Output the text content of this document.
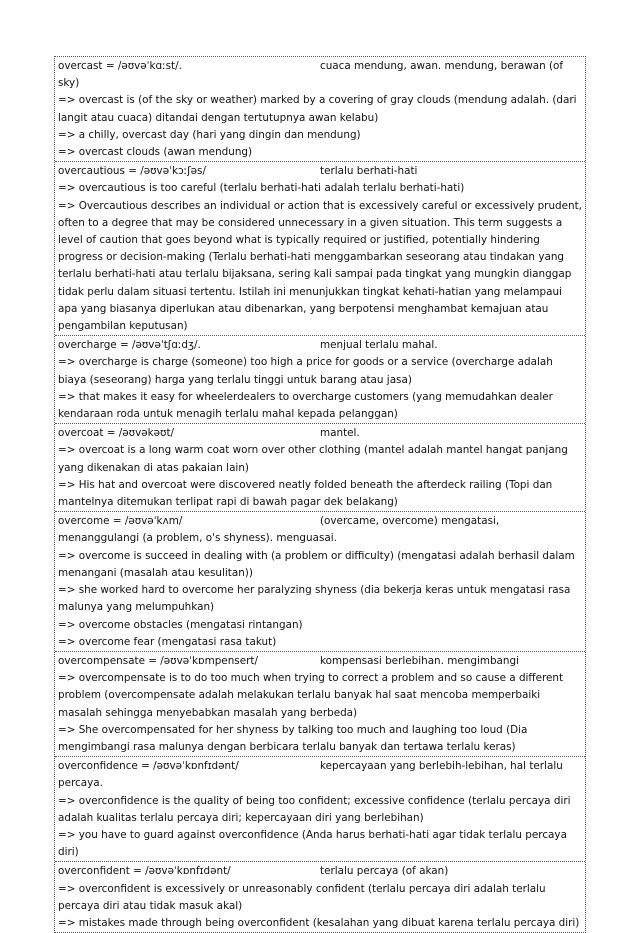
overcast = /əʊvəˈkɑːst/.	cuaca mendung, awan. mendung, berawan (of sky)
=> overcast is (of the sky or weather) marked by a covering of gray clouds (mendung adalah. (dari langit atau cuaca) ditandai dengan tertutupnya awan kelabu)
=> a chilly, overcast day (hari yang dingin dan mendung)
=> overcast clouds (awan mendung)
overcautious = /əʊvəˈkɔːʃəs/	terlalu berhati-hati
=> overcautious is too careful (terlalu berhati-hati adalah terlalu berhati-hati)
=> Overcautious describes an individual or action that is excessively careful or excessively prudent, often to a degree that may be considered unnecessary in a given situation. This term suggests a level of caution that goes beyond what is typically required or justified, potentially hindering progress or decision-making (Terlalu berhati-hati menggambarkan seseorang atau tindakan yang terlalu berhati-hati atau terlalu bijaksana, sering kali sampai pada tingkat yang mungkin dianggap tidak perlu dalam situasi tertentu. Istilah ini menunjukkan tingkat kehati-hatian yang melampaui apa yang biasanya diperlukan atau dibenarkan, yang berpotensi menghambat kemajuan atau pengambilan keputusan)
overcharge = /əʊvəˈtʃɑːdʒ/.	menjual terlalu mahal.
=> overcharge is charge (someone) too high a price for goods or a service (overcharge adalah biaya (seseorang) harga yang terlalu tinggi untuk barang atau jasa)
=> that makes it easy for wheelerdealers to overcharge customers (yang memudahkan dealer kendaraan roda untuk menagih terlalu mahal kepada pelanggan)
overcoat = /əʊvəkəʊt/	mantel.
=> overcoat is a long warm coat worn over other clothing (mantel adalah mantel hangat panjang yang dikenakan di atas pakaian lain)
=> His hat and overcoat were discovered neatly folded beneath the afterdeck railing (Topi dan mantelnya ditemukan terlipat rapi di bawah pagar dek belakang)
overcome = /əʊvəˈkʌm/	(overcame, overcome) mengatasi, menanggulangi (a problem, o's shyness). menguasai.
=> overcome is succeed in dealing with (a problem or difficulty) (mengatasi adalah berhasil dalam menangani (masalah atau kesulitan))
=> she worked hard to overcome her paralyzing shyness (dia bekerja keras untuk mengatasi rasa malunya yang melumpuhkan)
=> overcome obstacles (mengatasi rintangan)
=> overcome fear (mengatasi rasa takut)
overcompensate = /əʊvəˈkɒmpensert/	kompensasi berlebihan. mengimbangi
=> overcompensate is to do too much when trying to correct a problem and so cause a different problem (overcompensate adalah melakukan terlalu banyak hal saat mencoba memperbaiki masalah sehingga menyebabkan masalah yang berbeda)
=> She overcompensated for her shyness by talking too much and laughing too loud (Dia mengimbangi rasa malunya dengan berbicara terlalu banyak dan tertawa terlalu keras)
overconfidence = /əʊvəˈkɒnfɪdənt/	kepercayaan yang berlebih-lebihan, hal terlalu percaya.
=> overconfidence is the quality of being too confident; excessive confidence (terlalu percaya diri adalah kualitas terlalu percaya diri; kepercayaan diri yang berlebihan)
=> you have to guard against overconfidence (Anda harus berhati-hati agar tidak terlalu percaya diri)
overconfident = /əʊvəˈkɒnfɪdənt/	terlalu percaya (of akan)
=> overconfident is excessively or unreasonably confident (terlalu percaya diri adalah terlalu percaya diri atau tidak masuk akal)
=> mistakes made through being overconfident (kesalahan yang dibuat karena terlalu percaya diri)
